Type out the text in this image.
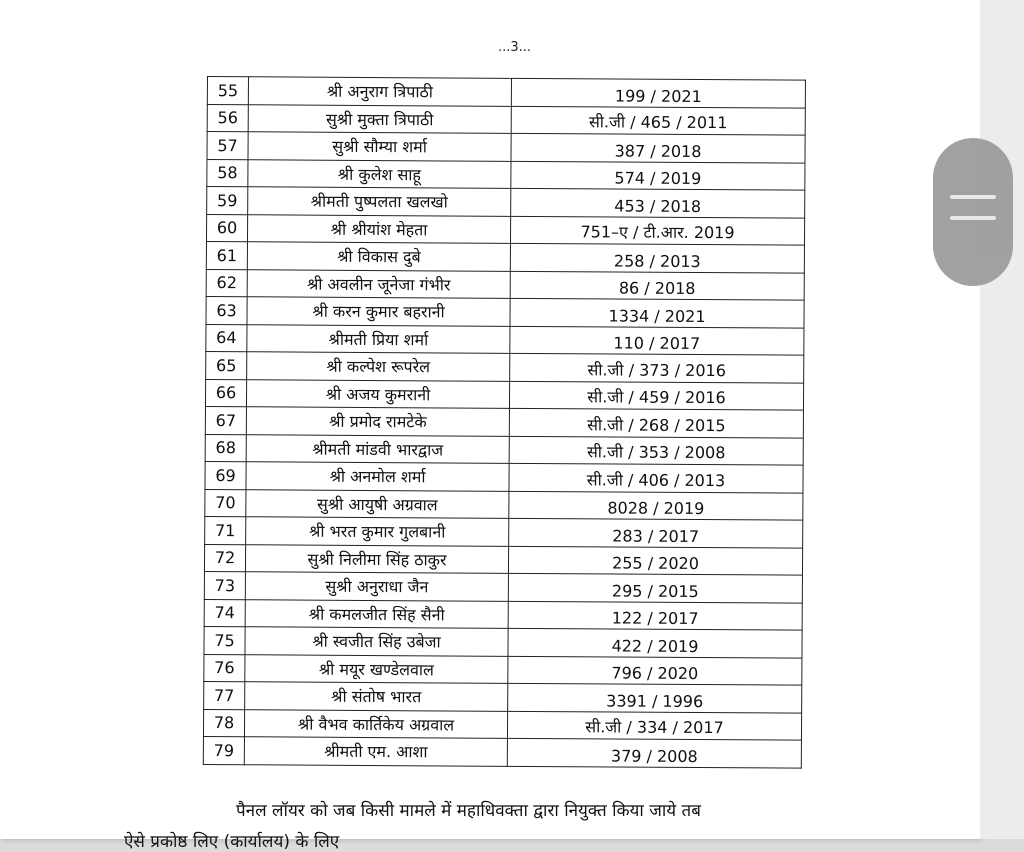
...3...
55	श्री अनुराग त्रिपाठी	199 / 2021
56	सुश्री मुक्ता त्रिपाठी	सी.जी / 465 / 2011
57	सुश्री सौम्या शर्मा	387 / 2018
58	श्री कुलेश साहू	574 / 2019
59	श्रीमती पुष्पलता खलखो	453 / 2018
60	श्री श्रीयांश मेहता	751–ए / टी.आर. 2019
61	श्री विकास दुबे	258 / 2013
62	श्री अवलीन जूनेजा गंभीर	86 / 2018
63	श्री करन कुमार बहरानी	1334 / 2021
64	श्रीमती प्रिया शर्मा	110 / 2017
65	श्री कल्पेश रूपरेल	सी.जी / 373 / 2016
66	श्री अजय कुमरानी	सी.जी / 459 / 2016
67	श्री प्रमोद रामटेके	सी.जी / 268 / 2015
68	श्रीमती मांडवी भारद्वाज	सी.जी / 353 / 2008
69	श्री अनमोल शर्मा	सी.जी / 406 / 2013
70	सुश्री आयुषी अग्रवाल	8028 / 2019
71	श्री भरत कुमार गुलबानी	283 / 2017
72	सुश्री निलीमा सिंह ठाकुर	255 / 2020
73	सुश्री अनुराधा जैन	295 / 2015
74	श्री कमलजीत सिंह सैनी	122 / 2017
75	श्री स्वजीत सिंह उबेजा	422 / 2019
76	श्री मयूर खण्डेलवाल	796 / 2020
77	श्री संतोष भारत	3391 / 1996
78	श्री वैभव कार्तिकेय अग्रवाल	सी.जी / 334 / 2017
79	श्रीमती एम. आशा	379 / 2008
पैनल लॉयर को जब किसी मामले में महाधिवक्ता द्वारा नियुक्त किया जाये तब
ऐसे प्रकोष्ठ लिए (कार्यालय) के लिए
